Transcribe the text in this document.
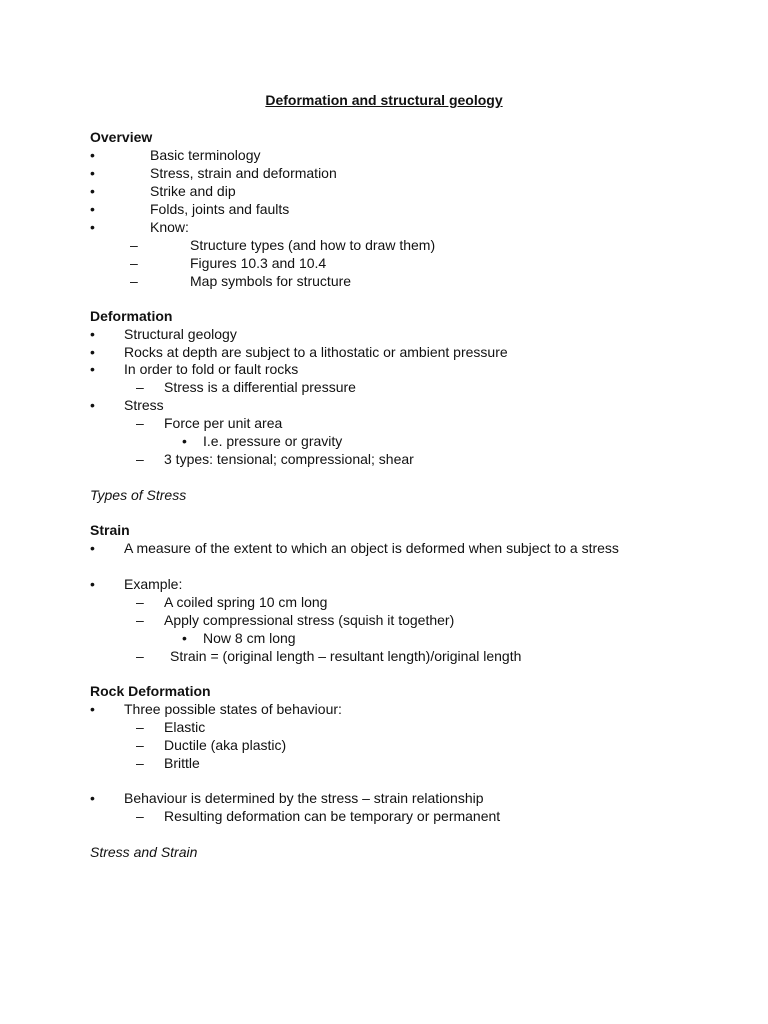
Deformation and structural geology
Overview
•	Basic terminology
•	Stress, strain and deformation
•	Strike and dip
•	Folds, joints and faults
•	Know:
–	Structure types (and how to draw them)
–	Figures 10.3 and 10.4
–	Map symbols for structure
Deformation
• Structural geology
• Rocks at depth are subject to a lithostatic or ambient pressure
• In order to fold or fault rocks
– Stress is a differential pressure
• Stress
– Force per unit area
• I.e. pressure or gravity
– 3 types: tensional; compressional; shear
Types of Stress
Strain
• A measure of the extent to which an object is deformed when subject to a stress
• Example:
– A coiled spring 10 cm long
– Apply compressional stress (squish it together)
• Now 8 cm long
– Strain = (original length – resultant length)/original length
Rock Deformation
• Three possible states of behaviour:
– Elastic
– Ductile (aka plastic)
– Brittle
• Behaviour is determined by the stress – strain relationship
– Resulting deformation can be temporary or permanent
Stress and Strain
